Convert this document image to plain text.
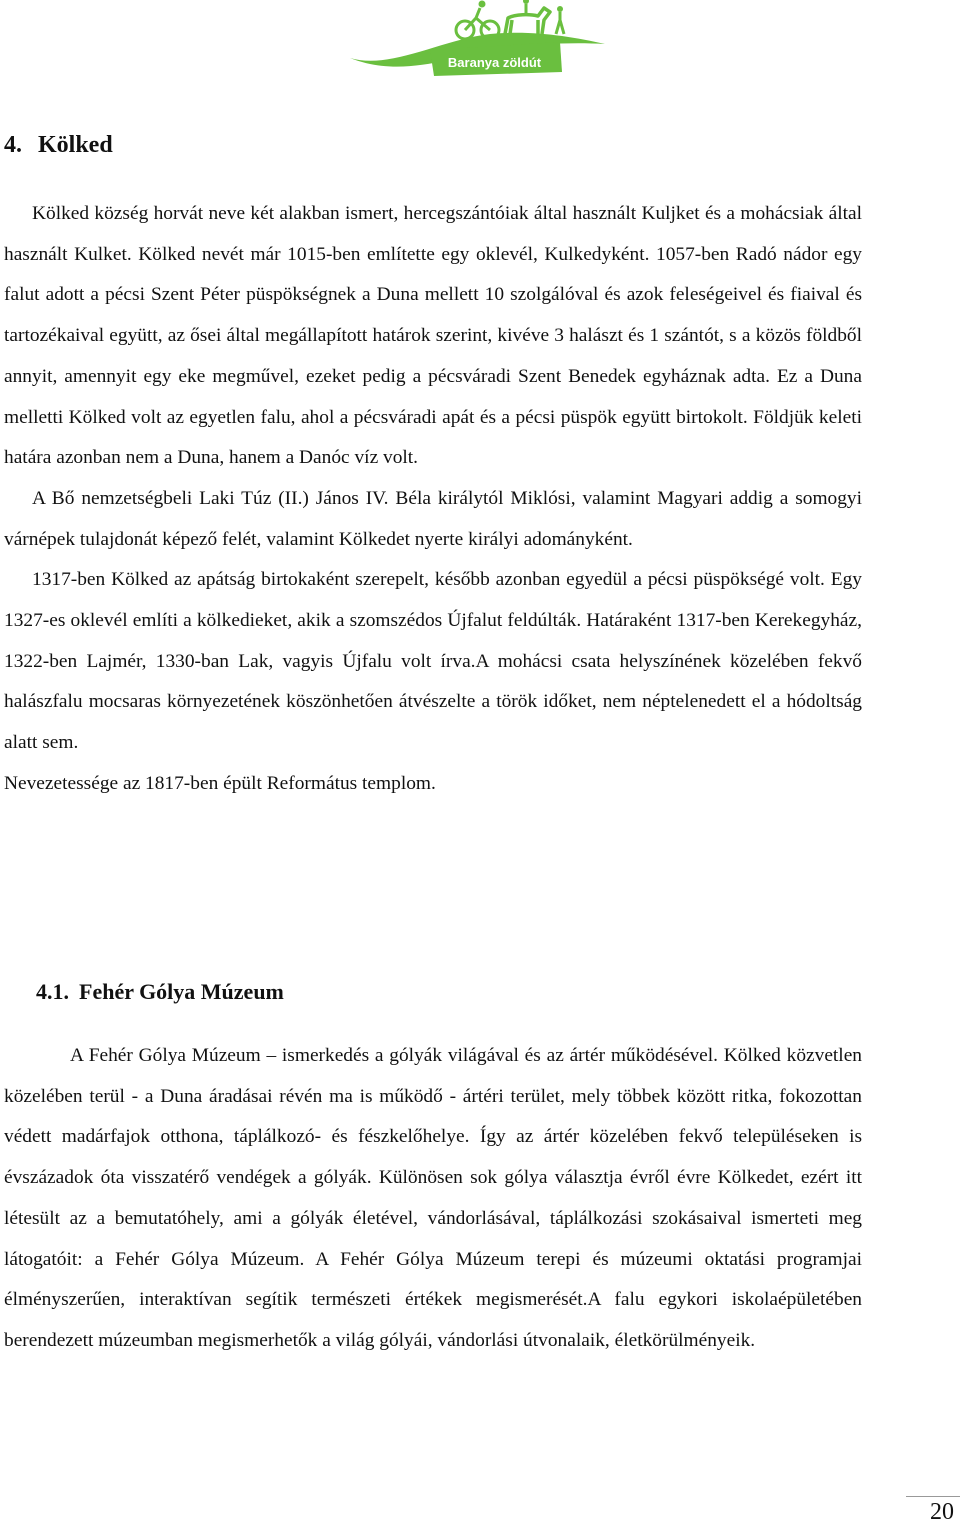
Baranya zöldút
4. Kölked

Kölked község horvát neve két alakban ismert, hercegszántóiak által használt Kuljket és a mohácsiak által használt Kulket. Kölked nevét már 1015-ben említette egy oklevél, Kulkedyként. 1057-ben Radó nádor egy falut adott a pécsi Szent Péter püspökségnek a Duna mellett 10 szolgálóval és azok feleségeivel és fiaival és tartozékaival együtt, az ősei által megállapított határok szerint, kivéve 3 halászt és 1 szántót, s a közös földből annyit, amennyit egy eke megművel, ezeket pedig a pécsváradi Szent Benedek egyháznak adta. Ez a Duna melletti Kölked volt az egyetlen falu, ahol a pécsváradi apát és a pécsi püspök együtt birtokolt. Földjük keleti határa azonban nem a Duna, hanem a Danóc víz volt.

A Bő nemzetségbeli Laki Túz (II.) János IV. Béla királytól Miklósi, valamint Magyari addig a somogyi várnépek tulajdonát képező felét, valamint Kölkedet nyerte királyi adományként.

1317-ben Kölked az apátság birtokaként szerepelt, később azonban egyedül a pécsi püspökségé volt. Egy 1327-es oklevél említi a kölkedieket, akik a szomszédos Újfalut feldúlták. Határaként 1317-ben Kerekegyház, 1322-ben Lajmér, 1330-ban Lak, vagyis Újfalu volt írva.A mohácsi csata helyszínének közelében fekvő halászfalu mocsaras környezetének köszönhetően átvészelte a török időket, nem néptelenedett el a hódoltság alatt sem.

Nevezetessége az 1817-ben épült Református templom.

4.1. Fehér Gólya Múzeum

A Fehér Gólya Múzeum – ismerkedés a gólyák világával és az ártér működésével. Kölked közvetlen közelében terül - a Duna áradásai révén ma is működő - ártéri terület, mely többek között ritka, fokozottan védett madárfajok otthona, táplálkozó- és fészkelőhelye. Így az ártér közelében fekvő településeken is évszázadok óta visszatérő vendégek a gólyák. Különösen sok gólya választja évről évre Kölkedet, ezért itt létesült az a bemutatóhely, ami a gólyák életével, vándorlásával, táplálkozási szokásaival ismerteti meg látogatóit: a Fehér Gólya Múzeum. A Fehér Gólya Múzeum terepi és múzeumi oktatási programjai élményszerűen, interaktívan segítik természeti értékek megismerését.A falu egykori iskolaépületében berendezett múzeumban megismerhetők a világ gólyái, vándorlási útvonalaik, életkörülményeik.

20
